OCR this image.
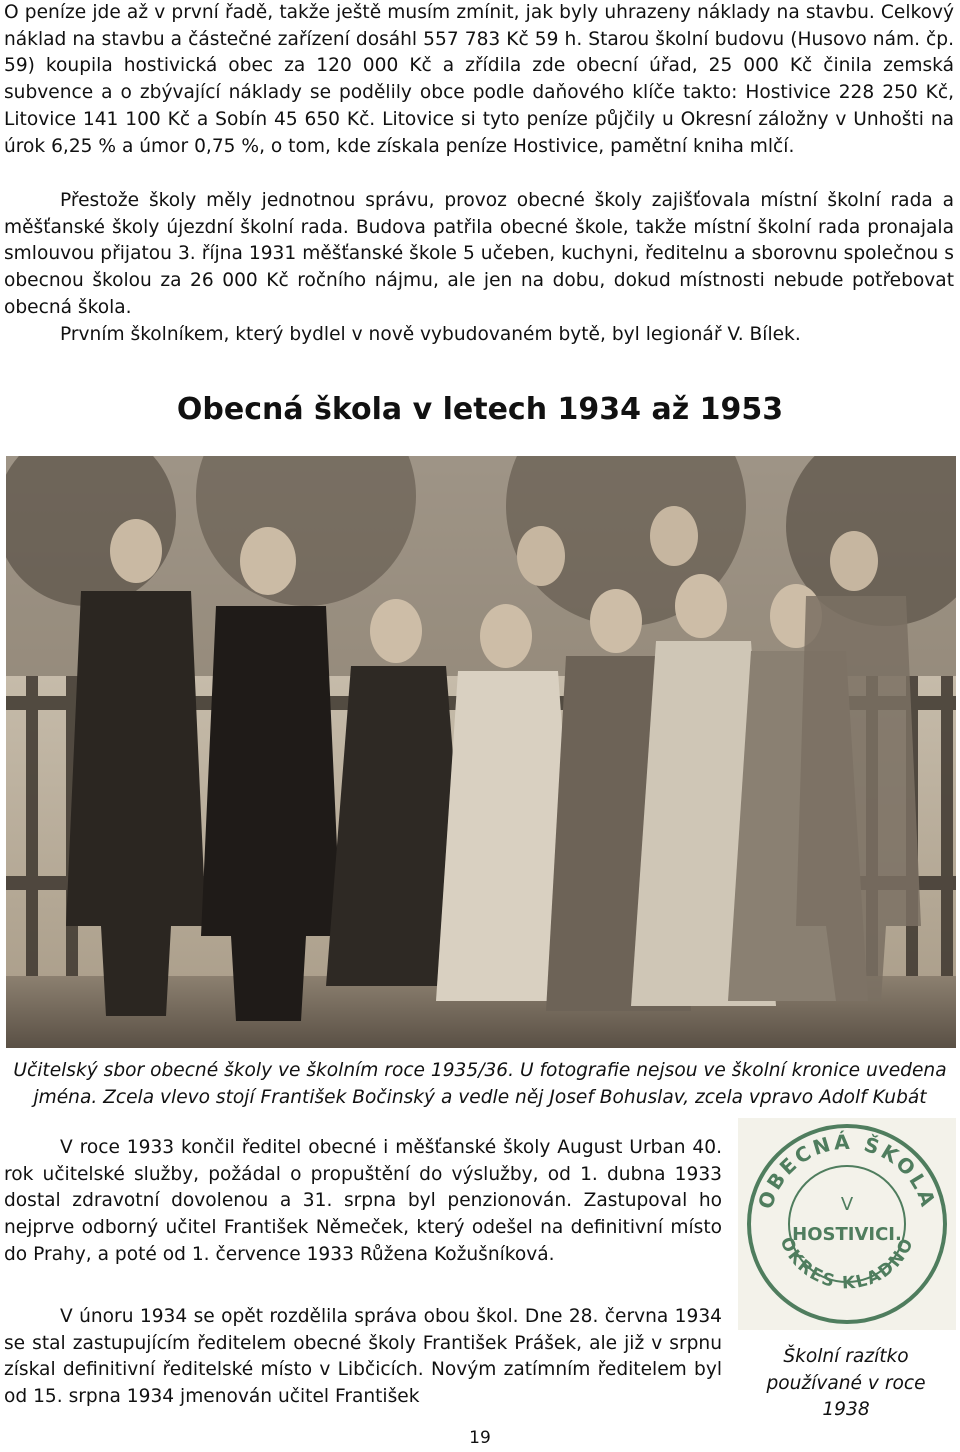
O peníze jde až v první řadě, takže ještě musím zmínit, jak byly uhrazeny náklady na stavbu. Celkový náklad na stavbu a částečné zařízení dosáhl 557 783 Kč 59 h. Starou školní budovu (Husovo nám. čp. 59) koupila hostivická obec za 120 000 Kč a zřídila zde obecní úřad, 25 000 Kč činila zemská subvence a o zbývající náklady se podělily obce podle daňového klíče takto: Hostivice 228 250 Kč, Litovice 141 100 Kč a Sobín 45 650 Kč. Litovice si tyto peníze půjčily u Okresní záložny v Unhošti na úrok 6,25 % a úmor 0,75 %, o tom, kde získala peníze Hostivice, pamětní kniha mlčí.

Přestože školy měly jednotnou správu, provoz obecné školy zajišťovala místní školní rada a měšťanské školy újezdní školní rada. Budova patřila obecné škole, takže místní školní rada pronajala smlouvou přijatou 3. října 1931 měšťanské škole 5 učeben, kuchyni, ředitelnu a sborovnu společnou s obecnou školou za 26 000 Kč ročního nájmu, ale jen na dobu, dokud místnosti nebude potřebovat obecná škola.

Prvním školníkem, který bydlel v nově vybudovaném bytě, byl legionář V. Bílek.

Obecná škola v letech 1934 až 1953

Učitelský sbor obecné školy ve školním roce 1935/36. U fotografie nejsou ve školní kronice uvedena jména. Zcela vlevo stojí František Bočinský a vedle něj Josef Bohuslav, zcela vpravo Adolf Kubát

V roce 1933 končil ředitel obecné i měšťanské školy August Urban 40. rok učitelské služby, požádal o propuštění do výslužby, od 1. dubna 1933 dostal zdravotní dovolenou a 31. srpna byl penzionován. Zastupoval ho nejprve odborný učitel František Němeček, který odešel na definitivní místo do Prahy, a poté od 1. července 1933 Růžena Kožušníková.

V únoru 1934 se opět rozdělila správa obou škol. Dne 28. června 1934 se stal zastupujícím ředitelem obecné školy František Prášek, ale již v srpnu získal definitivní ředitelské místo v Libčicích. Novým zatímním ředitelem byl od 15. srpna 1934 jmenován učitel František

OBECNÁ ŠKOLA
OKRES KLADNO
V
HOSTIVICI.

Školní razítko používané v roce 1938

19
